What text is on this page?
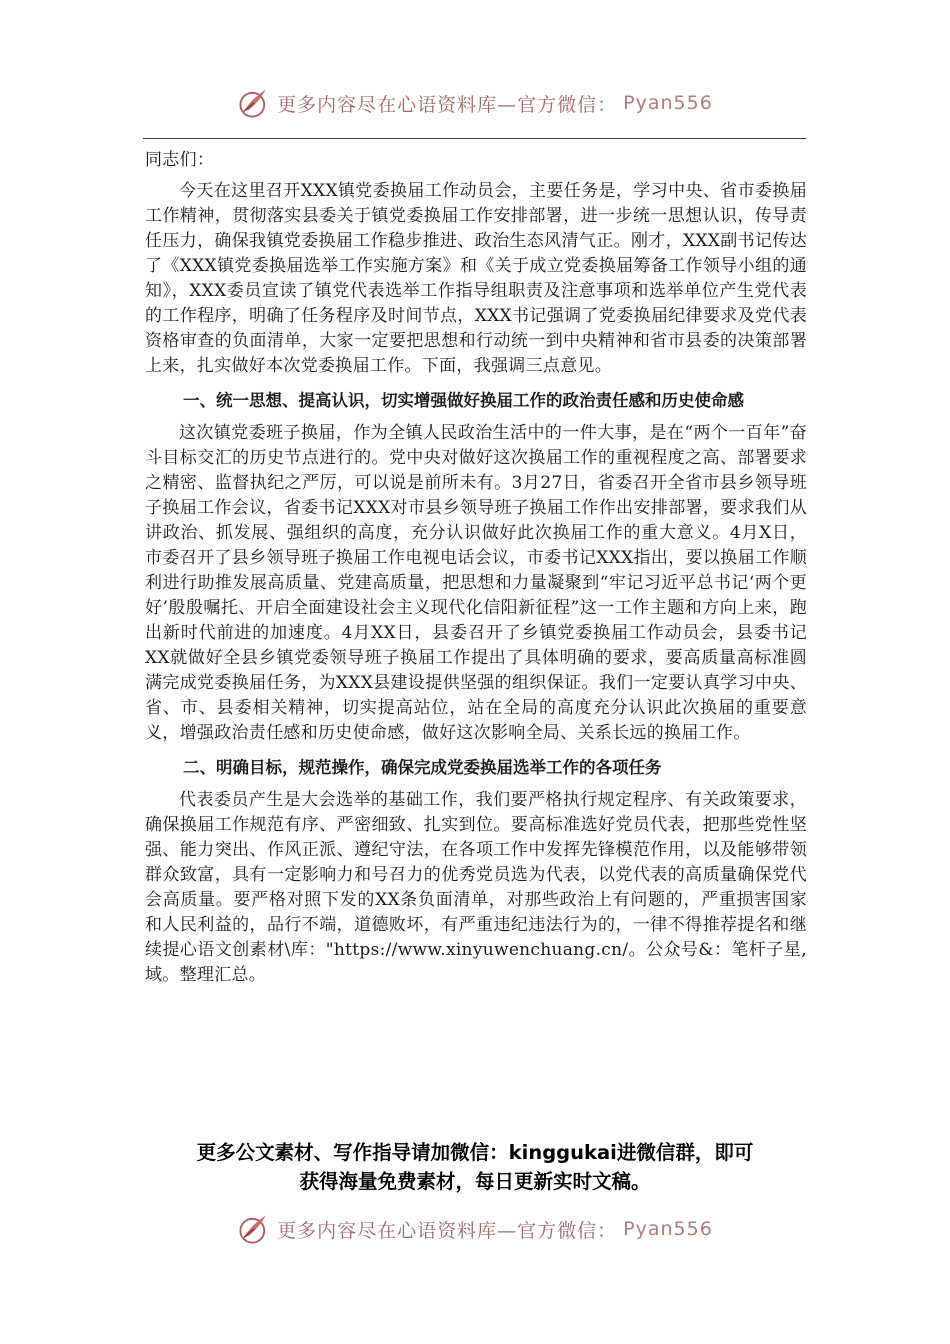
更多内容尽在心语资料库—官方微信： Pyan556

同志们：

今天在这里召开XXX镇党委换届工作动员会，主要任务是，学习中央、省市委换届工作精神，贯彻落实县委关于镇党委换届工作安排部署，进一步统一思想认识，传导责任压力，确保我镇党委换届工作稳步推进、政治生态风清气正。刚才，XXX副书记传达了《XXX镇党委换届选举工作实施方案》和《关于成立党委换届筹备工作领导小组的通知》，XXX委员宣读了镇党代表选举工作指导组职责及注意事项和选举单位产生党代表的工作程序，明确了任务程序及时间节点，XXX书记强调了党委换届纪律要求及党代表资格审查的负面清单，大家一定要把思想和行动统一到中央精神和省市县委的决策部署上来，扎实做好本次党委换届工作。下面，我强调三点意见。

一、统一思想、提高认识，切实增强做好换届工作的政治责任感和历史使命感

这次镇党委班子换届，作为全镇人民政治生活中的一件大事，是在“两个一百年”奋斗目标交汇的历史节点进行的。党中央对做好这次换届工作的重视程度之高、部署要求之精密、监督执纪之严厉，可以说是前所未有。3月27日，省委召开全省市县乡领导班子换届工作会议，省委书记XXX对市县乡领导班子换届工作作出安排部署，要求我们从讲政治、抓发展、强组织的高度，充分认识做好此次换届工作的重大意义。4月X日，市委召开了县乡领导班子换届工作电视电话会议，市委书记XXX指出，要以换届工作顺利进行助推发展高质量、党建高质量，把思想和力量凝聚到“牢记习近平总书记‘两个更好’殷殷嘱托、开启全面建设社会主义现代化信阳新征程”这一工作主题和方向上来，跑出新时代前进的加速度。4月XX日，县委召开了乡镇党委换届工作动员会，县委书记XX就做好全县乡镇党委领导班子换届工作提出了具体明确的要求，要高质量高标准圆满完成党委换届任务，为XXX县建设提供坚强的组织保证。我们一定要认真学习中央、省、市、县委相关精神，切实提高站位，站在全局的高度充分认识此次换届的重要意义，增强政治责任感和历史使命感，做好这次影响全局、关系长远的换届工作。

二、明确目标，规范操作，确保完成党委换届选举工作的各项任务

代表委员产生是大会选举的基础工作，我们要严格执行规定程序、有关政策要求，确保换届工作规范有序、严密细致、扎实到位。要高标准选好党员代表，把那些党性坚强、能力突出、作风正派、遵纪守法，在各项工作中发挥先锋模范作用，以及能够带领群众致富，具有一定影响力和号召力的优秀党员选为代表，以党代表的高质量确保党代会高质量。要严格对照下发的XX条负面清单，对那些政治上有问题的，严重损害国家和人民利益的，品行不端，道德败坏，有严重违纪违法行为的，一律不得推荐提名和继续提心语文创素材\库："https://www.xinyuwenchuang.cn/。公众号&：笔杆子星,域。整理汇总。

更多公文素材、写作指导请加微信：kinggukai进微信群，即可
获得海量免费素材，每日更新实时文稿。
更多内容尽在心语资料库—官方微信： Pyan556
